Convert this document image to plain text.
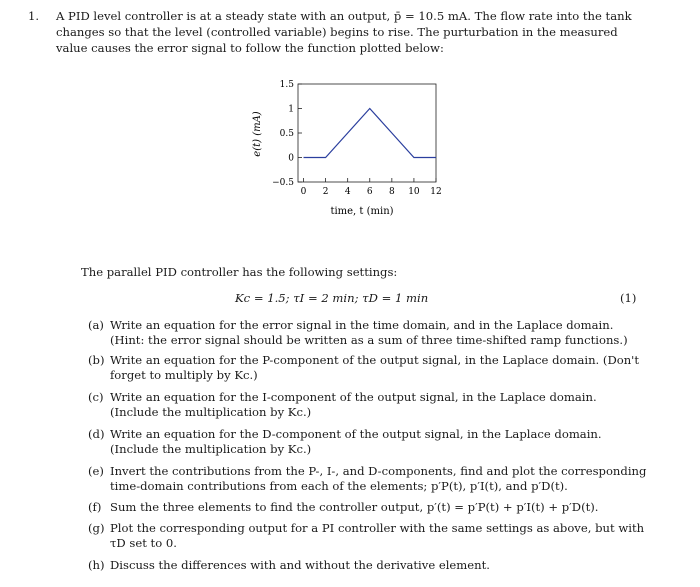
1. A PID level controller is at a steady state with an output, p̄ = 10.5 mA. The flow rate into the tank changes so that the level (controlled variable) begins to rise. The purturbation in the measured value causes the error signal to follow the function plotted below:
−0.5
0
0.5
1
1.5
0 2 4 6 8 10 12
time, t (min)
e(t) (mA)
The parallel PID controller has the following settings:
Kc = 1.5; τI = 2 min; τD = 1 min	(1)
(a) Write an equation for the error signal in the time domain, and in the Laplace domain. (Hint: the error signal should be written as a sum of three time-shifted ramp functions.)
(b) Write an equation for the P-component of the output signal, in the Laplace domain. (Don't forget to multiply by Kc.)
(c) Write an equation for the I-component of the output signal, in the Laplace domain. (Include the multiplication by Kc.)
(d) Write an equation for the D-component of the output signal, in the Laplace domain. (Include the multiplication by Kc.)
(e) Invert the contributions from the P-, I-, and D-components, find and plot the corresponding time-domain contributions from each of the elements; p′P(t), p′I(t), and p′D(t).
(f) Sum the three elements to find the controller output, p′(t) = p′P(t) + p′I(t) + p′D(t).
(g) Plot the corresponding output for a PI controller with the same settings as above, but with τD set to 0.
(h) Discuss the differences with and without the derivative element.
